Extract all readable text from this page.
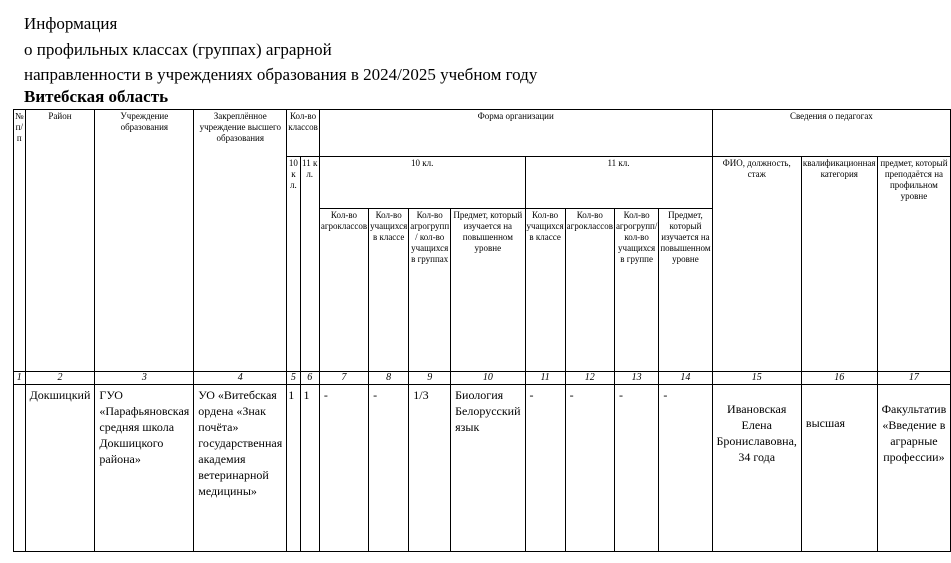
Информация
о профильных классах (группах) аграрной
направленности в учреждениях образования в 2024/2025 учебном году
Витебская область
№ п/п	Район	Учреждение образования	Закреплённое учреждение высшего образования	Кол-во классов		Форма организации								Сведения о педагогах		
				10 кл.	11 кл.	10 кл.				11 кл.				ФИО, должность, стаж	квалификационная категория	предмет, который преподаётся на профильном уровне
						Кол-во агроклассов	Кол-во учащихся в классе	Кол-во агрогрупп / кол-во учащихся в группах	Предмет, который изучается на повышенном уровне	Кол-во учащихся в классе	Кол-во агроклассов	Кол-во агрогрупп/ кол-во учащихся в группе	Предмет, который изучается на повышенном уровне			
1	2	3	4	5	6	7	8	9	10	11	12	13	14	15	16	17
	Докшицкий	ГУО «Парафьяновская средняя школа Докшицкого района»	УО «Витебская ордена «Знак почёта» государственная академия ветеринарной медицины»	1	1	-	-	1/3	Биология Белорусский язык	-	-	-	-	Ивановская Елена Брониславовна, 34 года	высшая	Факультатив «Введение в аграрные профессии»
